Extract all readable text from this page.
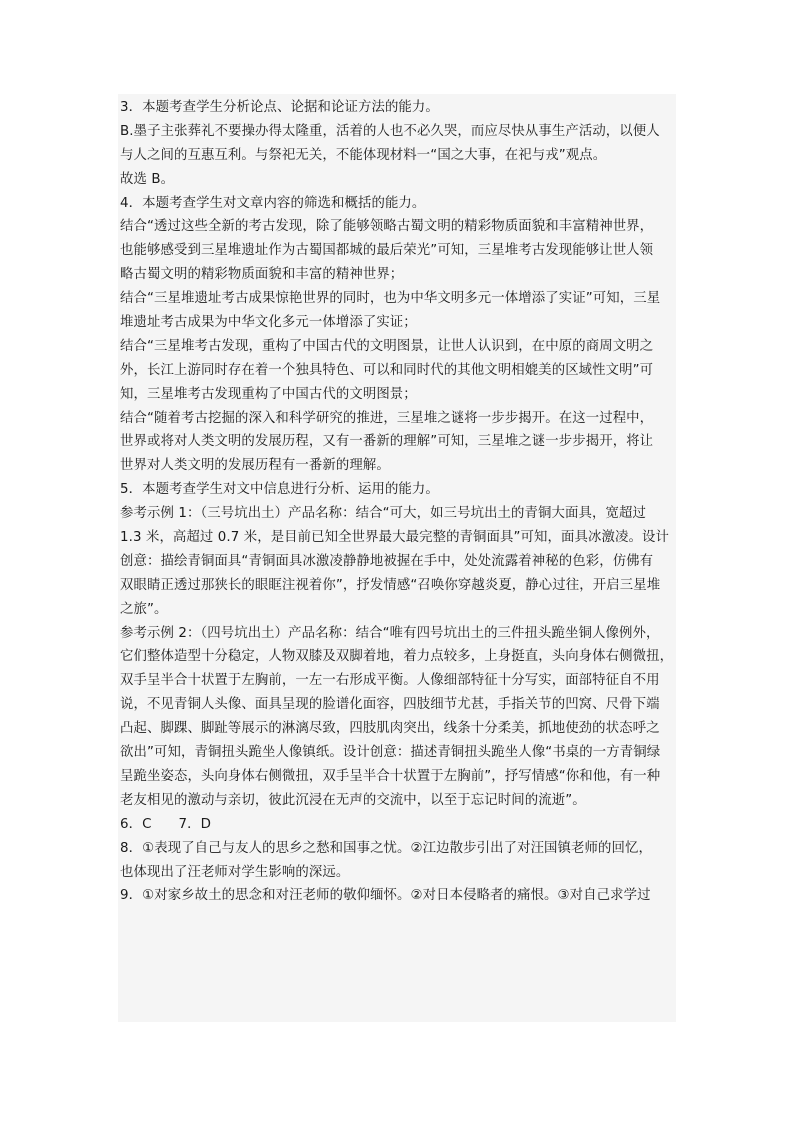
3．本题考查学生分析论点、论据和论证方法的能力。
B.墨子主张葬礼不要操办得太隆重，活着的人也不必久哭，而应尽快从事生产活动，以便人
与人之间的互惠互利。与祭祀无关，不能体现材料一“国之大事，在祀与戎”观点。
故选 B。
4．本题考查学生对文章内容的筛选和概括的能力。
结合“透过这些全新的考古发现，除了能够领略古蜀文明的精彩物质面貌和丰富精神世界，
也能够感受到三星堆遗址作为古蜀国都城的最后荣光”可知，三星堆考古发现能够让世人领
略古蜀文明的精彩物质面貌和丰富的精神世界；
结合“三星堆遗址考古成果惊艳世界的同时，也为中华文明多元一体增添了实证”可知，三星
堆遗址考古成果为中华文化多元一体增添了实证；
结合“三星堆考古发现，重构了中国古代的文明图景，让世人认识到，在中原的商周文明之
外，长江上游同时存在着一个独具特色、可以和同时代的其他文明相媲美的区域性文明”可
知，三星堆考古发现重构了中国古代的文明图景；
结合“随着考古挖掘的深入和科学研究的推进，三星堆之谜将一步步揭开。在这一过程中，
世界或将对人类文明的发展历程，又有一番新的理解”可知，三星堆之谜一步步揭开，将让
世界对人类文明的发展历程有一番新的理解。
5．本题考查学生对文中信息进行分析、运用的能力。
参考示例 1：（三号坑出土）产品名称：结合“可大，如三号坑出土的青铜大面具，宽超过
1.3 米，高超过 0.7 米，是目前已知全世界最大最完整的青铜面具”可知，面具冰激凌。设计
创意：描绘青铜面具“青铜面具冰激凌静静地被握在手中，处处流露着神秘的色彩，仿佛有
双眼睛正透过那狭长的眼眶注视着你”，抒发情感“召唤你穿越炎夏，静心过往，开启三星堆
之旅”。
参考示例 2：（四号坑出土）产品名称：结合“唯有四号坑出土的三件扭头跪坐铜人像例外，
它们整体造型十分稳定，人物双膝及双脚着地，着力点较多，上身挺直，头向身体右侧微扭，
双手呈半合十状置于左胸前，一左一右形成平衡。人像细部特征十分写实，面部特征自不用
说，不见青铜人头像、面具呈现的脸谱化面容，四肢细节尤甚，手指关节的凹窝、尺骨下端
凸起、脚踝、脚趾等展示的淋漓尽致，四肢肌肉突出，线条十分柔美，抓地使劲的状态呼之
欲出”可知，青铜扭头跪坐人像镇纸。设计创意：描述青铜扭头跪坐人像“书桌的一方青铜绿
呈跪坐姿态，头向身体右侧微扭，双手呈半合十状置于左胸前”，抒写情感“你和他，有一种
老友相见的激动与亲切，彼此沉浸在无声的交流中，以至于忘记时间的流逝”。
6．C　　7．D
8．①表现了自己与友人的思乡之愁和国事之忧。②江边散步引出了对汪国镇老师的回忆，
也体现出了汪老师对学生影响的深远。
9．①对家乡故土的思念和对汪老师的敬仰缅怀。②对日本侵略者的痛恨。③对自己求学过
